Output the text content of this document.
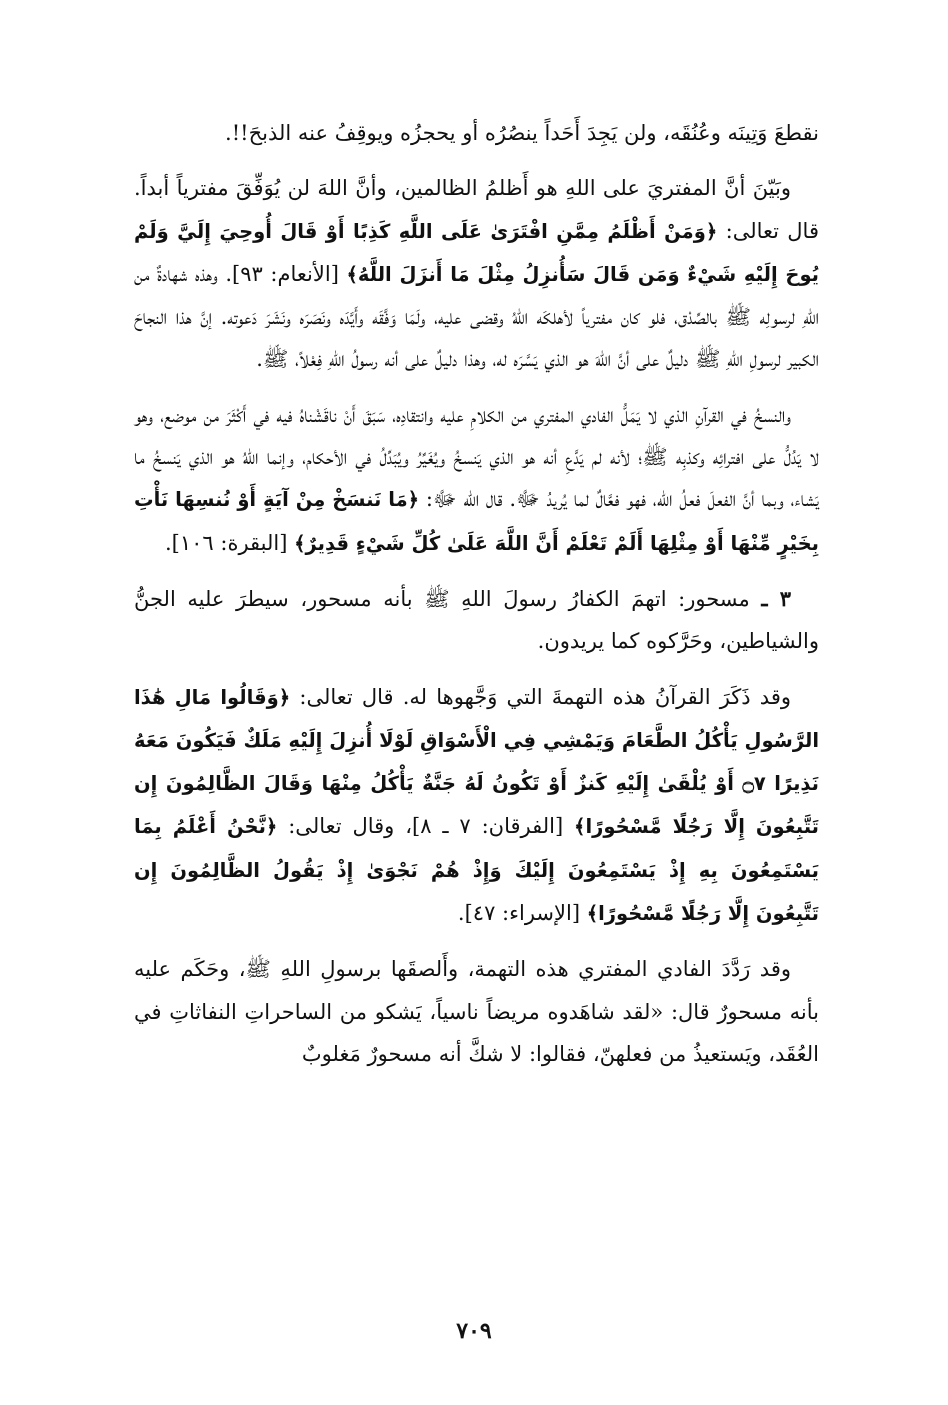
نقطعَ وَتِينَه وعُنُقَه، ولن يَجِدَ أَحَداً ينصُرُه أو يحجزُه ويوقِفُ عنه الذبحَ!!.

وبَيّنَ أنَّ المفتريَ على اللهِ هو أَظلمُ الظالمين، وأنَّ اللهَ لن يُوَفِّقَ مفترياً أبداً. قال تعالى: ﴿وَمَنْ أَظْلَمُ مِمَّنِ افْتَرَىٰ عَلَى اللَّهِ كَذِبًا أَوْ قَالَ أُوحِيَ إِلَيَّ وَلَمْ يُوحَ إِلَيْهِ شَيْءٌ وَمَن قَالَ سَأُنزِلُ مِثْلَ مَا أَنزَلَ اللَّهُ﴾ [الأنعام: ٩٣]. وهذه شهادةٌ من اللهِ لرسولِه ﷺ بالصِّدْق، فلو كان مفترياً لأهلكَه اللهُ وقضى عليه، ولَمَا وَفَّقَه وأَيَّدَه ونَصَرَه ونَشَرَ دَعوته. إنَّ هذا النجاحَ الكبير لرسولِ اللهِ ﷺ دليلٌ على أنَّ اللهَ هو الذي يَسَّرَه له، وهذا دليلٌ على أنه رسولُ اللهِ فِعْلاً، ﷺ.

والنسخُ في القرآنِ الذي لا يَمَلُّ الفادي المفتري من الكلامِ عليه وانتقادِه، سَبَقَ أَنْ ناقَشْناهُ فيه في أَكْثَرَ من موضع، وهو لا يَدُلُّ على افترائِه وكذبِه ﷺ؛ لأنه لم يَدَّعِ أنه هو الذي يَنسخُ ويُغَيِّرُ ويُبَدِّلُ في الأحكام، وإنما اللهُ هو الذي يَنسخُ ما يَشاء، وبما أنَّ الفعلَ فعلُ الله، فهو فعَّالٌ لما يُريدُ ﷻ. قال الله ﷻ: ﴿مَا نَنسَخْ مِنْ آيَةٍ أَوْ نُنسِهَا نَأْتِ بِخَيْرٍ مِّنْهَا أَوْ مِثْلِهَا أَلَمْ تَعْلَمْ أَنَّ اللَّهَ عَلَىٰ كُلِّ شَيْءٍ قَدِيرٌ﴾ [البقرة: ١٠٦].

٣ ـ مسحور: اتهمَ الكفارُ رسولَ اللهِ ﷺ بأنه مسحور، سيطرَ عليه الجنُّ والشياطين، وحَرَّكوه كما يريدون.

وقد ذَكَرَ القرآنُ هذه التهمةَ التي وَجَّهوها له. قال تعالى: ﴿وَقَالُوا مَالِ هَٰذَا الرَّسُولِ يَأْكُلُ الطَّعَامَ وَيَمْشِي فِي الْأَسْوَاقِ لَوْلَا أُنزِلَ إِلَيْهِ مَلَكٌ فَيَكُونَ مَعَهُ نَذِيرًا ۝٧ أَوْ يُلْقَىٰ إِلَيْهِ كَنزٌ أَوْ تَكُونُ لَهُ جَنَّةٌ يَأْكُلُ مِنْهَا وَقَالَ الظَّالِمُونَ إِن تَتَّبِعُونَ إِلَّا رَجُلًا مَّسْحُورًا﴾ [الفرقان: ٧ ـ ٨]، وقال تعالى: ﴿نَّحْنُ أَعْلَمُ بِمَا يَسْتَمِعُونَ بِهِ إِذْ يَسْتَمِعُونَ إِلَيْكَ وَإِذْ هُمْ نَجْوَىٰ إِذْ يَقُولُ الظَّالِمُونَ إِن تَتَّبِعُونَ إِلَّا رَجُلًا مَّسْحُورًا﴾ [الإسراء: ٤٧].

وقد رَدَّدَ الفادي المفتري هذه التهمة، وأَلصقَها برسولِ اللهِ ﷺ، وحَكَم عليه بأنه مسحورٌ قال: «لقد شاهَدوه مريضاً ناسياً، يَشكو من الساحراتِ النفاثاتِ في العُقَد، ويَستعيذُ من فعلهنّ، فقالوا: لا شكَّ أنه مسحورٌ مَغلوبٌ

٧٠٩
